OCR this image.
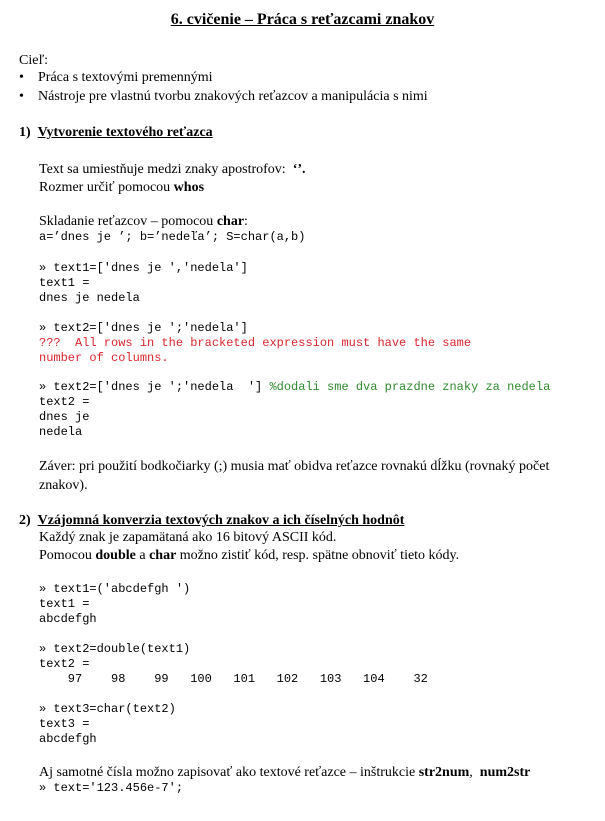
6. cvičenie – Práca s reťazcami znakov
Cieľ:
• Práca s textovými premennými
• Nástroje pre vlastnú tvorbu znakových reťazcov a manipulácia s nimi
1) Vytvorenie textového reťazca
Text sa umiestňuje medzi znaky apostrofov: ‘’.
Rozmer určiť pomocou whos
Skladanie reťazcov – pomocou char:
a=’dnes je ’; b=’nedeľa’; S=char(a,b)
» text1=['dnes je ','nedela']
text1 =
dnes je nedela
» text2=['dnes je ';'nedela']
???  All rows in the bracketed expression must have the same
number of columns.
» text2=['dnes je ';'nedela  '] %dodali sme dva prazdne znaky za nedela
text2 =
dnes je
nedela
Záver: pri použití bodkočiarky (;) musia mať obidva reťazce rovnakú dĺžku (rovnaký počet
znakov).
2) Vzájomná konverzia textových znakov a ich číselných hodnôt
Každý znak je zapamätaná ako 16 bitový ASCII kód.
Pomocou double a char možno zistiť kód, resp. spätne obnoviť tieto kódy.
» text1=('abcdefgh ')
text1 =
abcdefgh
» text2=double(text1)
text2 =
97    98    99   100   101   102   103   104    32
» text3=char(text2)
text3 =
abcdefgh
Aj samotné čísla možno zapisovať ako textové reťazce – inštrukcie str2num,  num2str
» text='123.456e-7';
